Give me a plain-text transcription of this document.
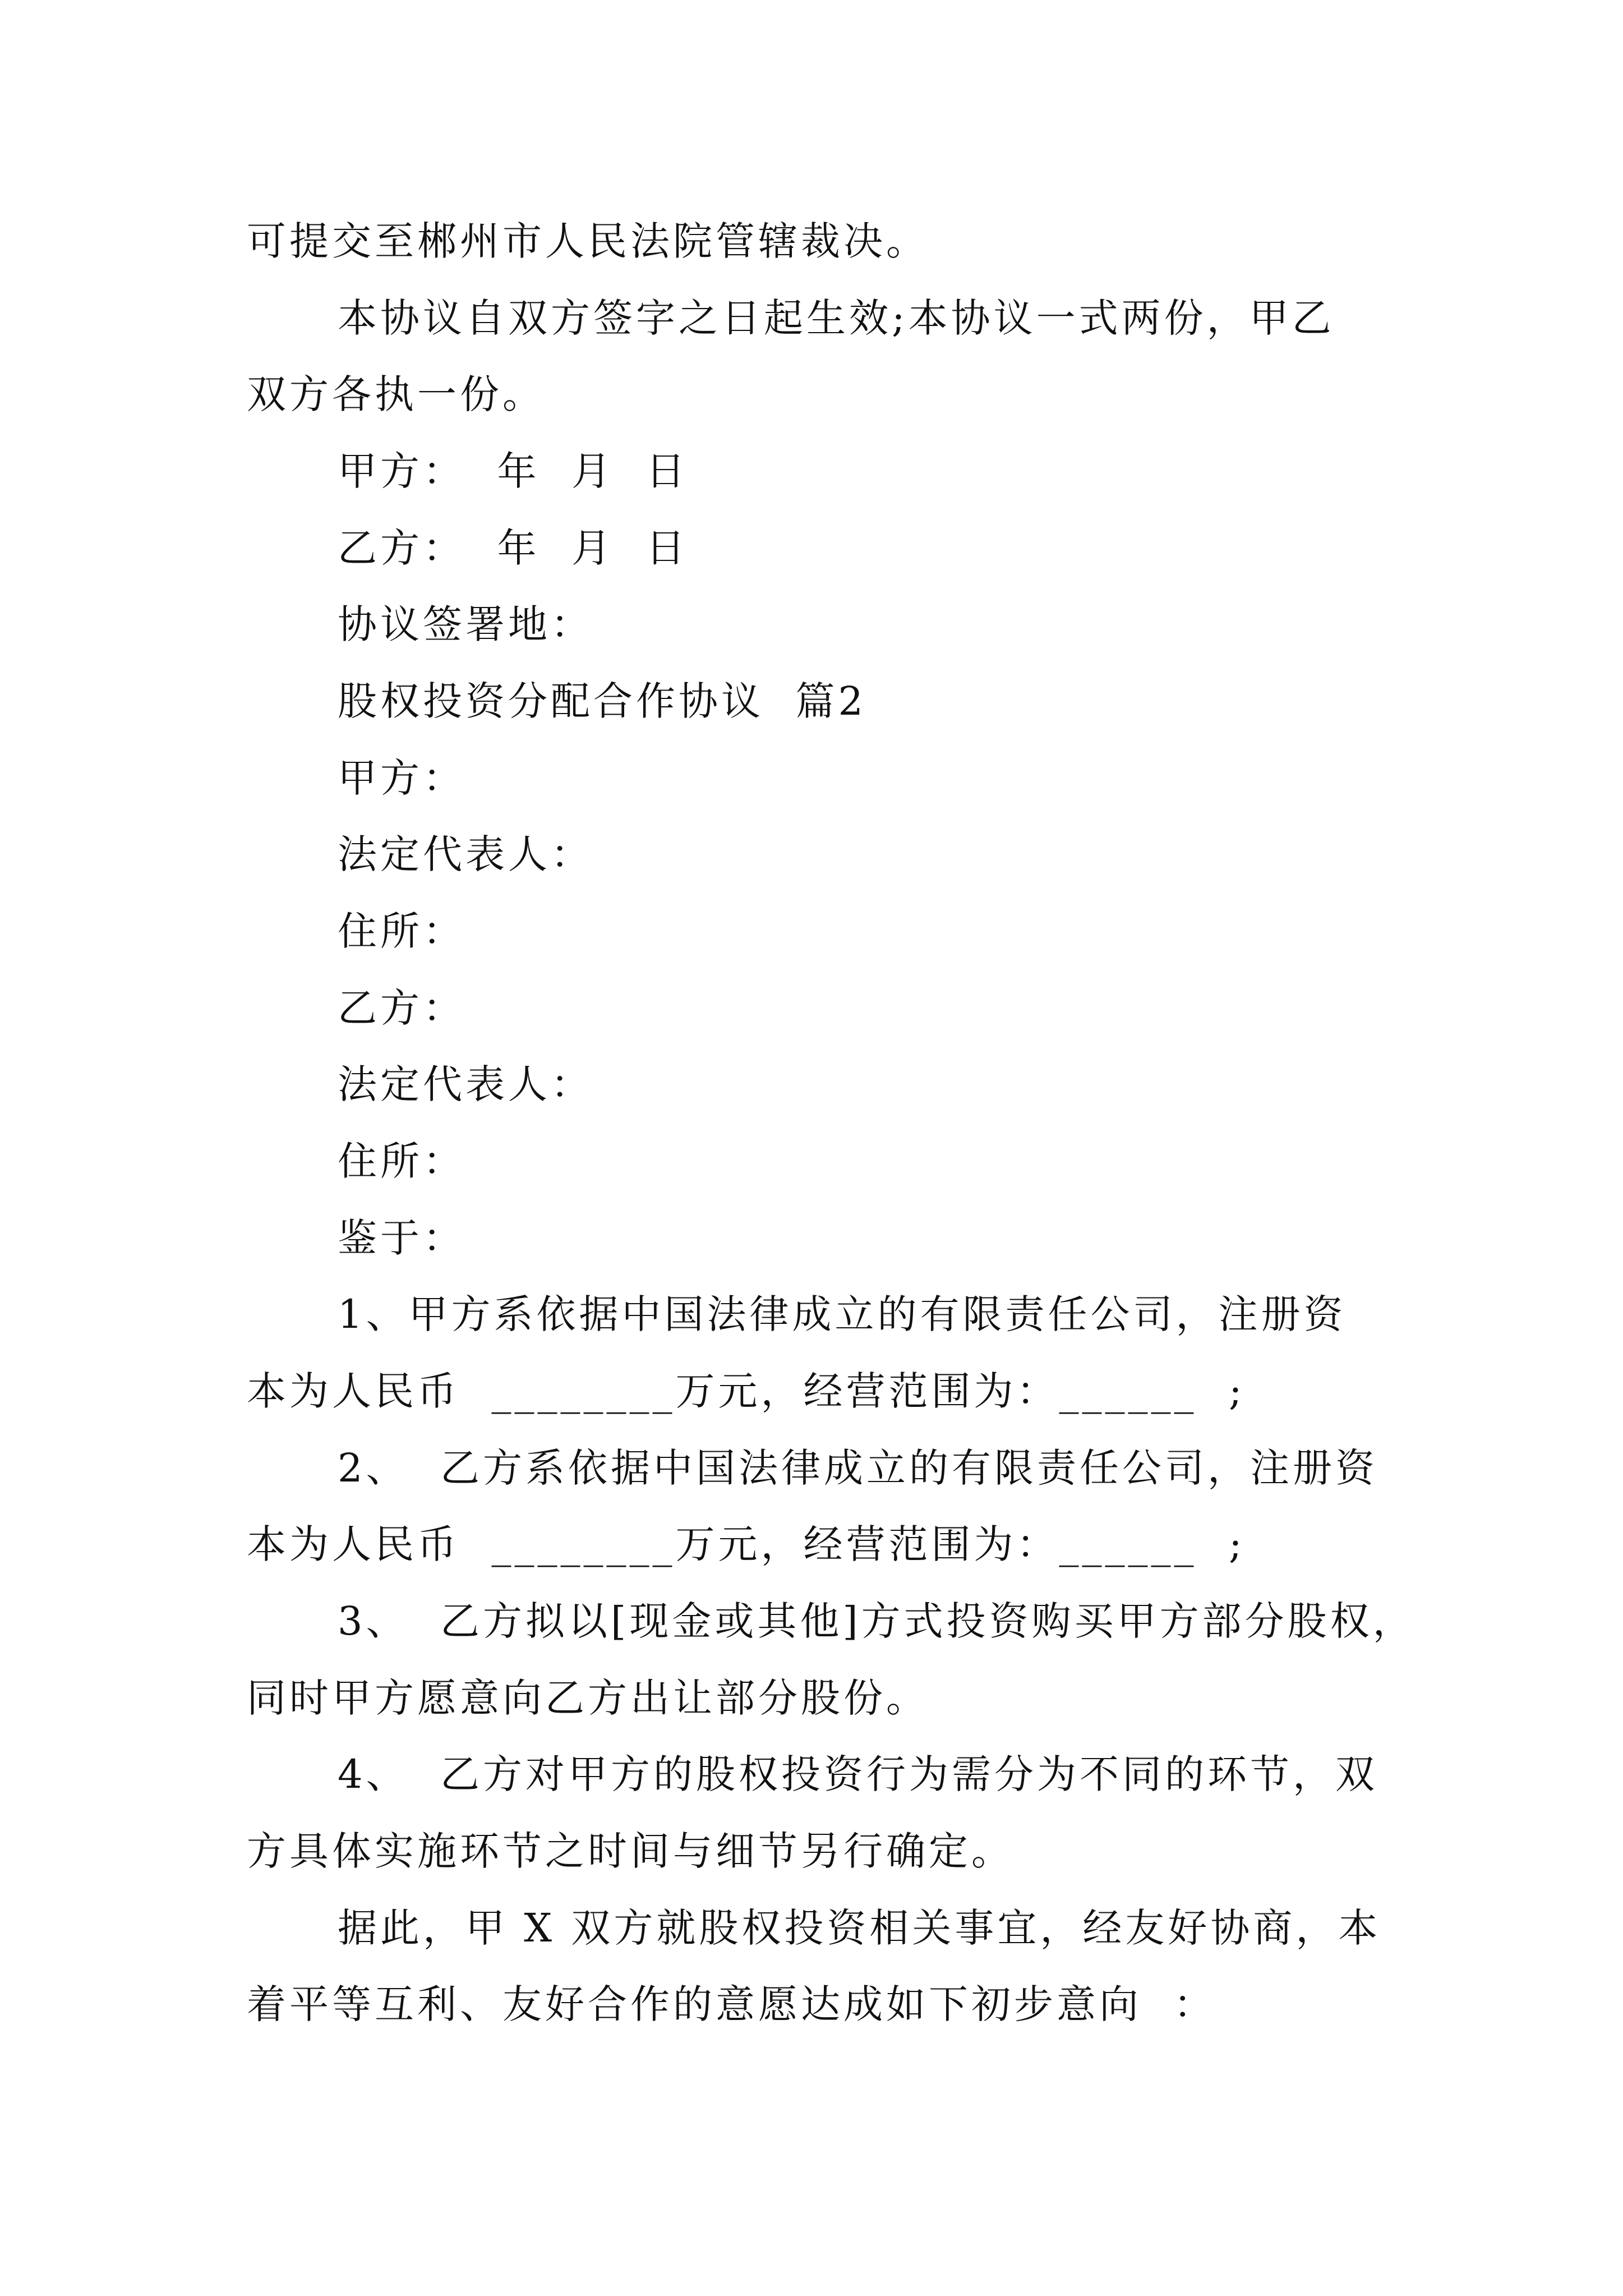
可提交至郴州市人民法院管辖裁决。
本协议自双方签字之日起生效;本协议一式两份，甲乙
双方各执一份。
甲方：  年  月  日
乙方：  年  月  日
协议签署地：
股权投资分配合作协议  篇2
甲方：
法定代表人：
住所：
乙方：
法定代表人：
住所：
鉴于：
1、甲方系依据中国法律成立的有限责任公司，注册资
本为人民币  ________万元，经营范围为：______  ;
2、  乙方系依据中国法律成立的有限责任公司，注册资
本为人民币  ________万元，经营范围为：______  ;
3、  乙方拟以[现金或其他]方式投资购买甲方部分股权，
同时甲方愿意向乙方出让部分股份。
4、  乙方对甲方的股权投资行为需分为不同的环节，双
方具体实施环节之时间与细节另行确定。
据此，甲 X 双方就股权投资相关事宜，经友好协商，本
着平等互利、友好合作的意愿达成如下初步意向  ：
